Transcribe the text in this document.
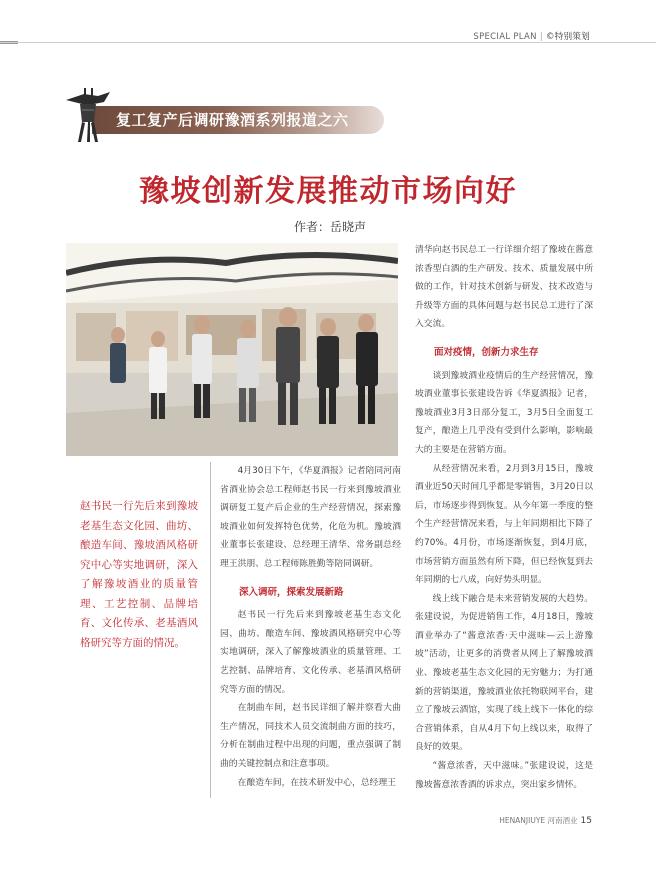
SPECIAL PLAN | ©特别策划
复工复产后调研豫酒系列报道之六
豫坡创新发展推动市场向好
作者：岳晓声
赵书民一行先后来到豫坡老基生态文化园、曲坊、酿造车间、豫坡酒风格研究中心等实地调研，深入了解豫坡酒业的质量管理、工艺控制、品牌培育、文化传承、老基酒风格研究等方面的情况。

4月30日下午，《华夏酒报》记者陪同河南省酒业协会总工程师赵书民一行来到豫坡酒业调研复工复产后企业的生产经营情况，探索豫坡酒业如何发挥特色优势，化危为机。豫坡酒业董事长张建设、总经理王清华、常务副总经理王洪朋、总工程师陈胜勤等陪同调研。

深入调研，探索发展新路

赵书民一行先后来到豫坡老基生态文化园、曲坊、酿造车间、豫坡酒风格研究中心等实地调研，深入了解豫坡酒业的质量管理、工艺控制、品牌培育、文化传承、老基酒风格研究等方面的情况。

在制曲车间，赵书民详细了解并察看大曲生产情况，同技术人员交流制曲方面的技巧，分析在制曲过程中出现的问题，重点强调了制曲的关键控制点和注意事项。

在酿造车间，在技术研发中心，总经理王

清华向赵书民总工一行详细介绍了豫坡在酱意浓香型白酒的生产研发、技术、质量发展中所做的工作，针对技术创新与研发、技术改造与升级等方面的具体问题与赵书民总工进行了深入交流。

面对疫情，创新力求生存

谈到豫坡酒业疫情后的生产经营情况，豫坡酒业董事长张建设告诉《华夏酒报》记者，豫坡酒业3月3日部分复工，3月5日全面复工复产，酿造上几乎没有受到什么影响，影响最大的主要是在营销方面。

从经营情况来看，2月到3月15日，豫坡酒业近50天时间几乎都是零销售，3月20日以后，市场逐步得到恢复。从今年第一季度的整个生产经营情况来看，与上年同期相比下降了约70%。4月份，市场逐渐恢复，到4月底，市场营销方面虽然有所下降，但已经恢复到去年同期的七八成，向好势头明显。

线上线下融合是未来营销发展的大趋势。张建设说，为促进销售工作，4月18日，豫坡酒业举办了“酱意浓香·天中滋味—云上游豫坡”活动，让更多的消费者从网上了解豫坡酒业、豫坡老基生态文化园的无穷魅力；为打通新的营销渠道，豫坡酒业依托物联网平台，建立了豫坡云酒馆，实现了线上线下一体化的综合营销体系，自从4月下旬上线以来，取得了良好的效果。

“酱意浓香，天中滋味。”张建设说，这是豫坡酱意浓香酒的诉求点，突出家乡情怀。

HENANJIUYE 河南酒业 15
